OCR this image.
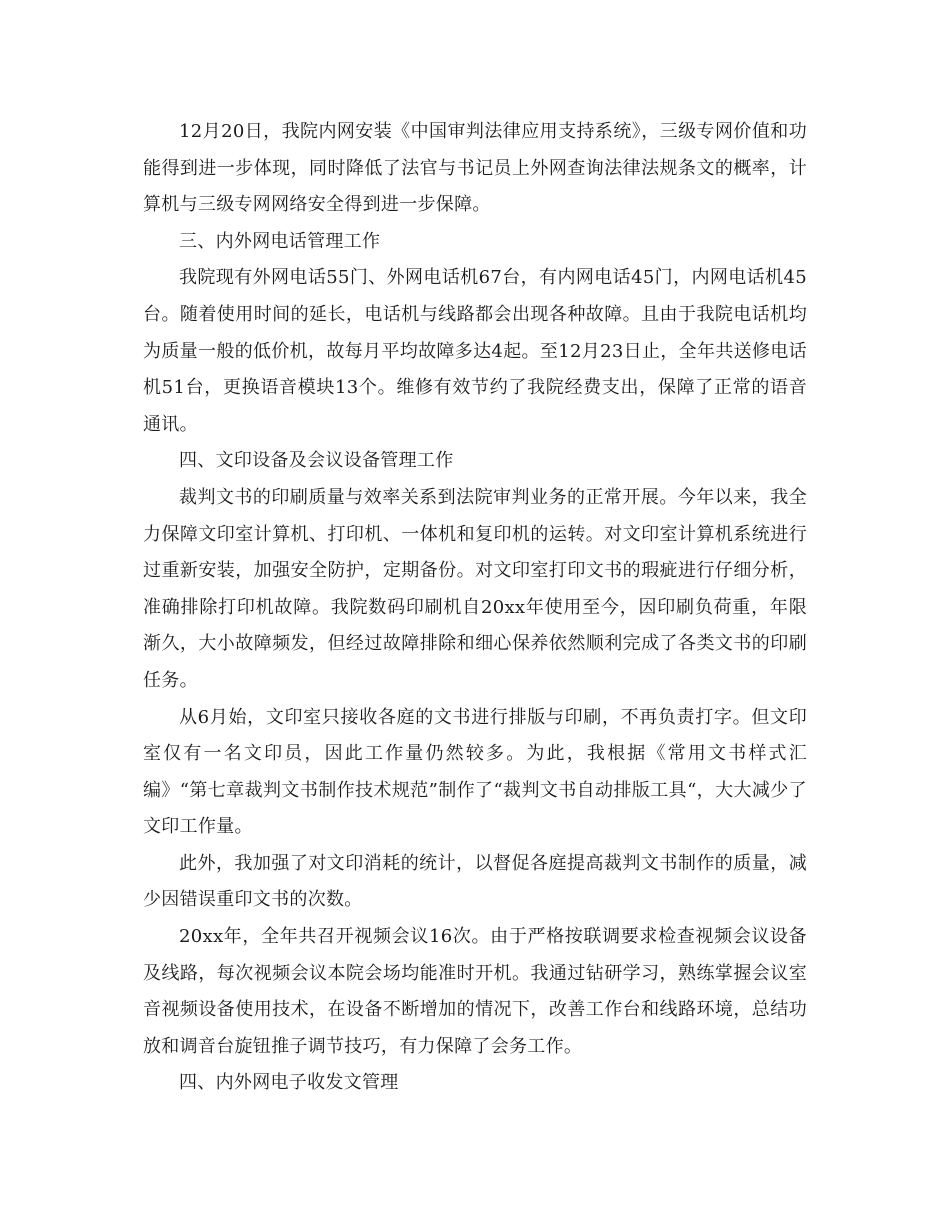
12月20日，我院内网安装《中国审判法律应用支持系统》，三级专网价值和功能得到进一步体现，同时降低了法官与书记员上外网查询法律法规条文的概率，计算机与三级专网网络安全得到进一步保障。

三、内外网电话管理工作

我院现有外网电话55门、外网电话机67台，有内网电话45门，内网电话机45台。随着使用时间的延长，电话机与线路都会出现各种故障。且由于我院电话机均为质量一般的低价机，故每月平均故障多达4起。至12月23日止，全年共送修电话机51台，更换语音模块13个。维修有效节约了我院经费支出，保障了正常的语音通讯。

四、文印设备及会议设备管理工作

裁判文书的印刷质量与效率关系到法院审判业务的正常开展。今年以来，我全力保障文印室计算机、打印机、一体机和复印机的运转。对文印室计算机系统进行过重新安装，加强安全防护，定期备份。对文印室打印文书的瑕疵进行仔细分析，准确排除打印机故障。我院数码印刷机自20xx年使用至今，因印刷负荷重，年限渐久，大小故障频发，但经过故障排除和细心保养依然顺利完成了各类文书的印刷任务。

从6月始，文印室只接收各庭的文书进行排版与印刷，不再负责打字。但文印室仅有一名文印员，因此工作量仍然较多。为此，我根据《常用文书样式汇编》“第七章裁判文书制作技术规范”制作了“裁判文书自动排版工具“，大大减少了文印工作量。

此外，我加强了对文印消耗的统计，以督促各庭提高裁判文书制作的质量，减少因错误重印文书的次数。

20xx年，全年共召开视频会议16次。由于严格按联调要求检查视频会议设备及线路，每次视频会议本院会场均能准时开机。我通过钻研学习，熟练掌握会议室音视频设备使用技术，在设备不断增加的情况下，改善工作台和线路环境，总结功放和调音台旋钮推子调节技巧，有力保障了会务工作。

四、内外网电子收发文管理
